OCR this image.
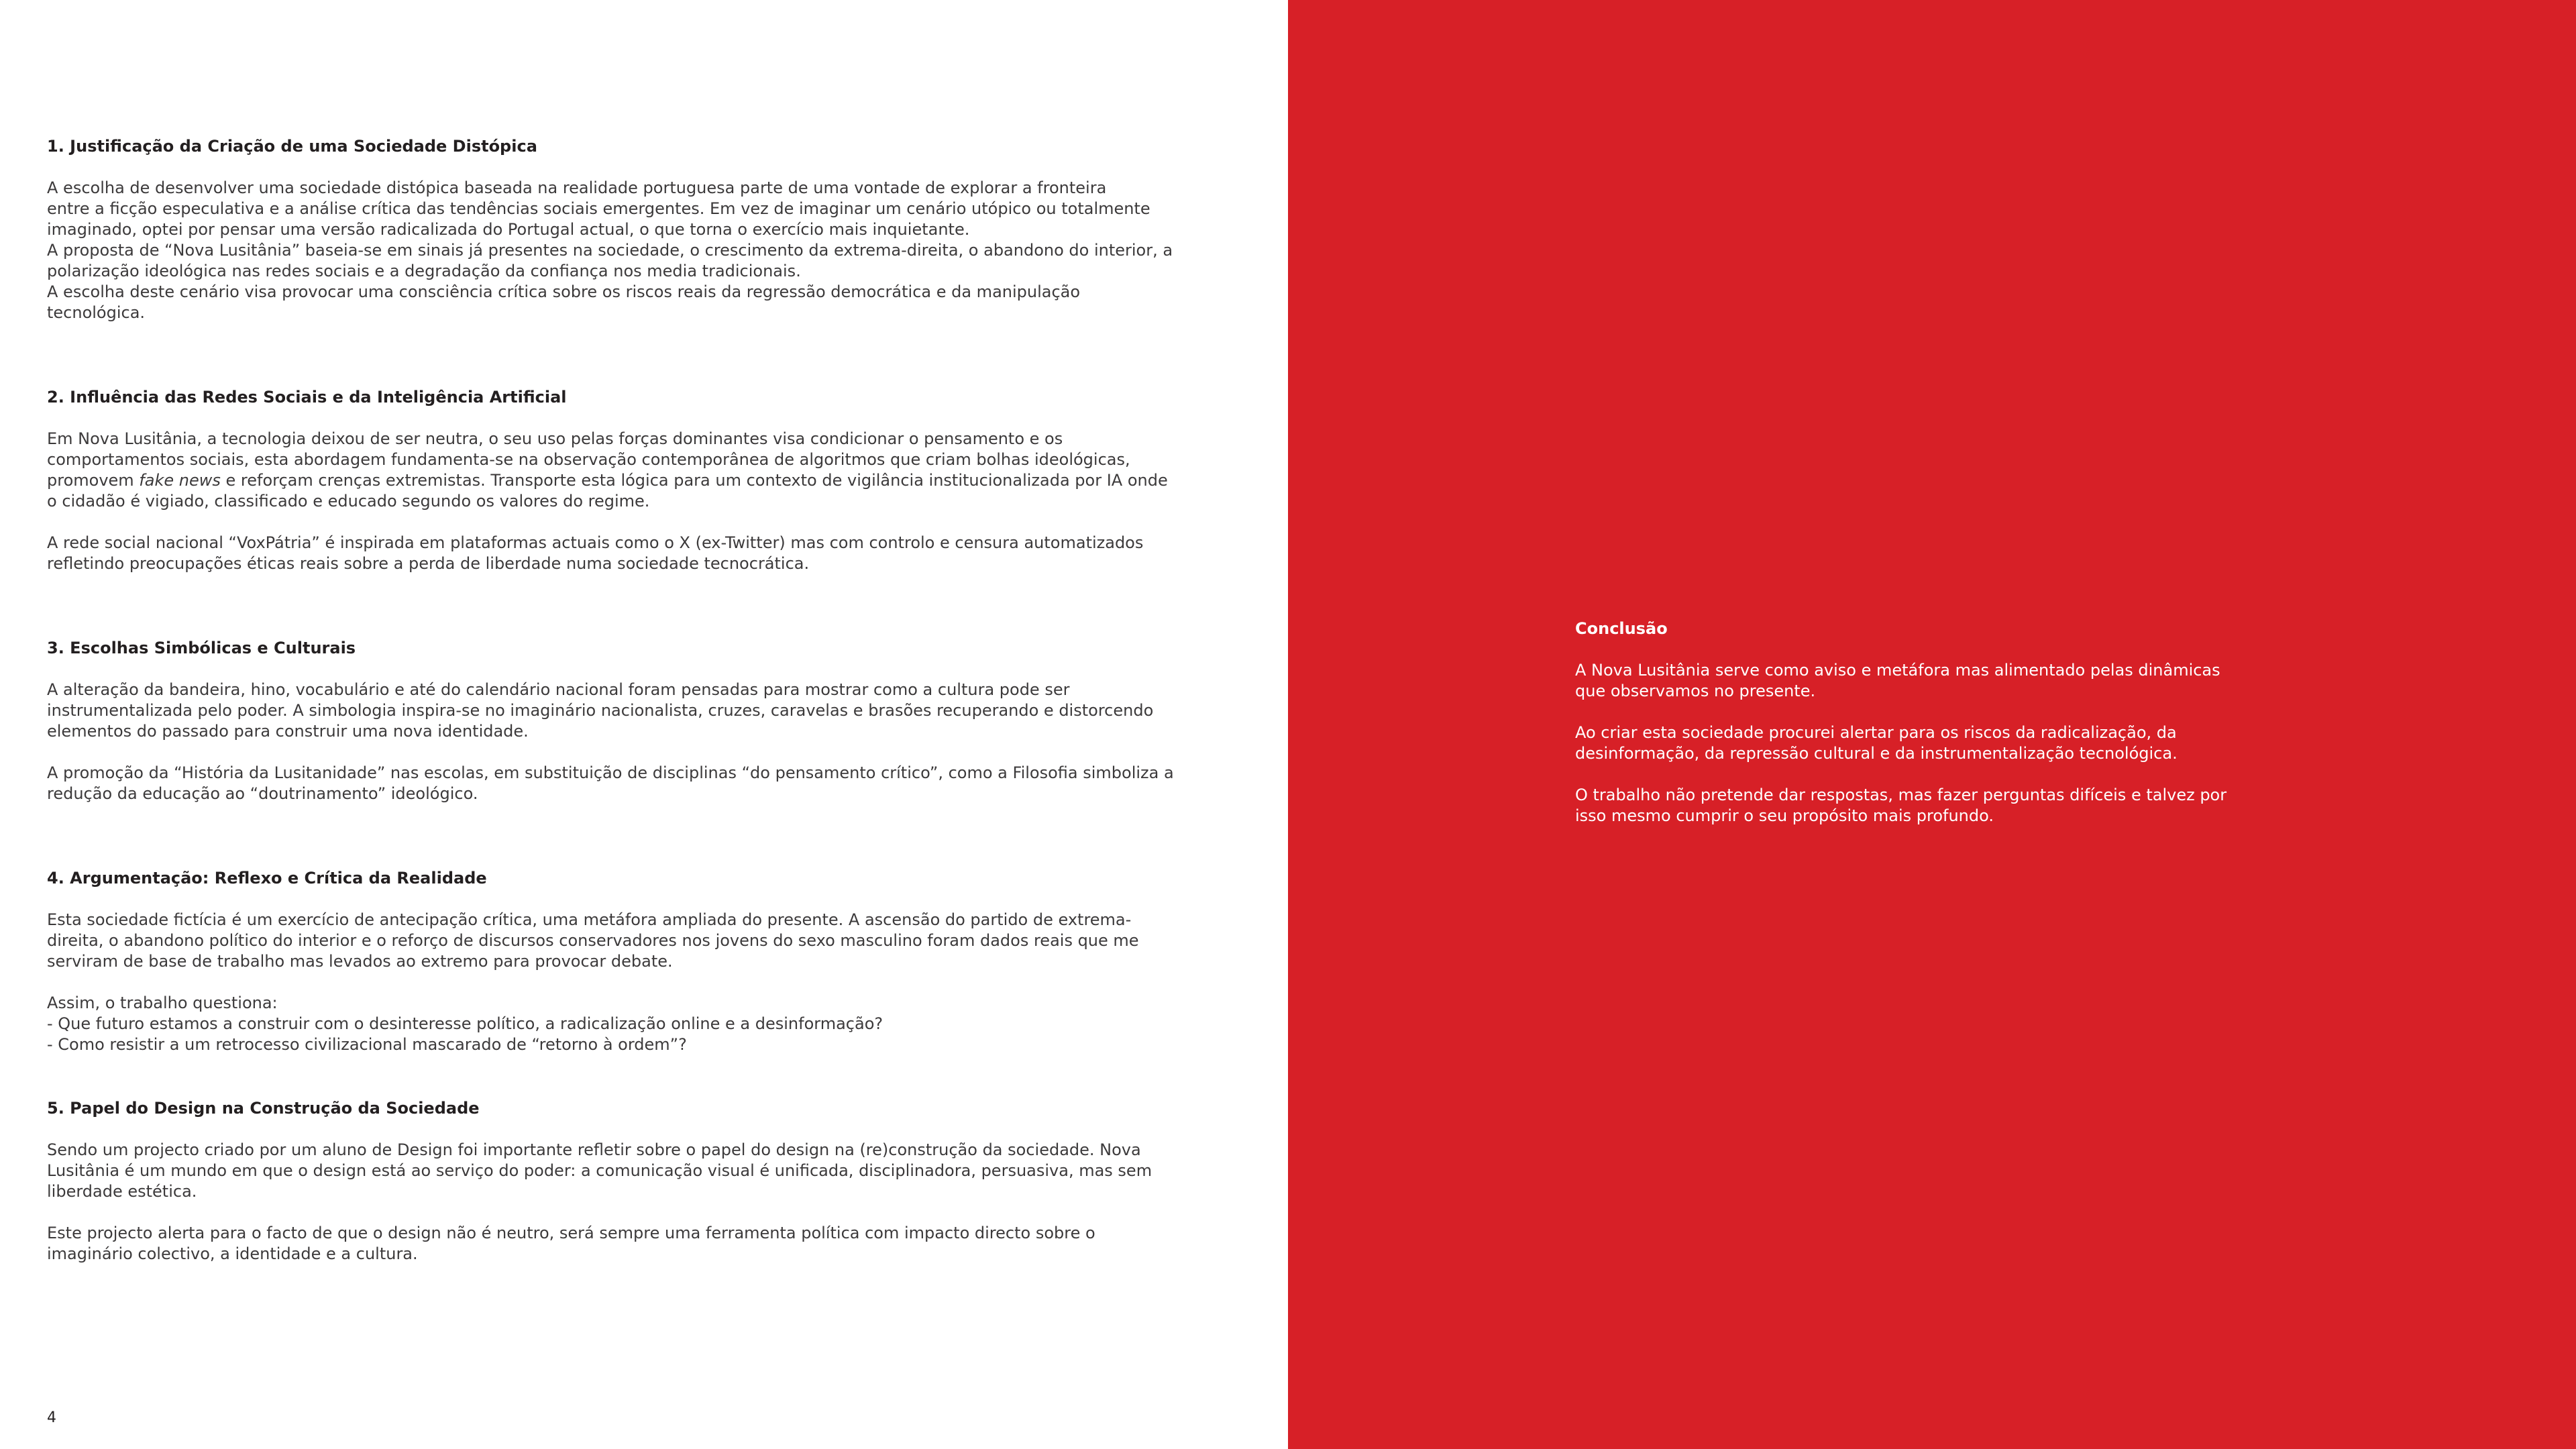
1. Justificação da Criação de uma Sociedade Distópica

A escolha de desenvolver uma sociedade distópica baseada na realidade portuguesa parte de uma vontade de explorar a fronteira

entre a ficção especulativa e a análise crítica das tendências sociais emergentes. Em vez de imaginar um cenário utópico ou totalmente

imaginado, optei por pensar uma versão radicalizada do Portugal actual, o que torna o exercício mais inquietante.

A proposta de “Nova Lusitânia” baseia-se em sinais já presentes na sociedade, o crescimento da extrema-direita, o abandono do interior, a

polarização ideológica nas redes sociais e a degradação da confiança nos media tradicionais.

A escolha deste cenário visa provocar uma consciência crítica sobre os riscos reais da regressão democrática e da manipulação

tecnológica.

2. Influência das Redes Sociais e da Inteligência Artificial

Em Nova Lusitânia, a tecnologia deixou de ser neutra, o seu uso pelas forças dominantes visa condicionar o pensamento e os

comportamentos sociais, esta abordagem fundamenta-se na observação contemporânea de algoritmos que criam bolhas ideológicas,

promovem fake news e reforçam crenças extremistas. Transporte esta lógica para um contexto de vigilância institucionalizada por IA onde

o cidadão é vigiado, classificado e educado segundo os valores do regime.

A rede social nacional “VoxPátria” é inspirada em plataformas actuais como o X (ex-Twitter) mas com controlo e censura automatizados

refletindo preocupações éticas reais sobre a perda de liberdade numa sociedade tecnocrática.

3. Escolhas Simbólicas e Culturais

A alteração da bandeira, hino, vocabulário e até do calendário nacional foram pensadas para mostrar como a cultura pode ser

instrumentalizada pelo poder. A simbologia inspira-se no imaginário nacionalista, cruzes, caravelas e brasões recuperando e distorcendo

elementos do passado para construir uma nova identidade.

A promoção da “História da Lusitanidade” nas escolas, em substituição de disciplinas “do pensamento crítico”, como a Filosofia simboliza a

redução da educação ao “doutrinamento” ideológico.

4. Argumentação: Reflexo e Crítica da Realidade

Esta sociedade fictícia é um exercício de antecipação crítica, uma metáfora ampliada do presente. A ascensão do partido de extrema-

direita, o abandono político do interior e o reforço de discursos conservadores nos jovens do sexo masculino foram dados reais que me

serviram de base de trabalho mas levados ao extremo para provocar debate.

Assim, o trabalho questiona:

- Que futuro estamos a construir com o desinteresse político, a radicalização online e a desinformação?

- Como resistir a um retrocesso civilizacional mascarado de “retorno à ordem”?

5. Papel do Design na Construção da Sociedade

Sendo um projecto criado por um aluno de Design foi importante refletir sobre o papel do design na (re)construção da sociedade. Nova

Lusitânia é um mundo em que o design está ao serviço do poder: a comunicação visual é unificada, disciplinadora, persuasiva, mas sem

liberdade estética.

Este projecto alerta para o facto de que o design não é neutro, será sempre uma ferramenta política com impacto directo sobre o

imaginário colectivo, a identidade e a cultura.

4

Conclusão

A Nova Lusitânia serve como aviso e metáfora mas alimentado pelas dinâmicas

que observamos no presente.

Ao criar esta sociedade procurei alertar para os riscos da radicalização, da

desinformação, da repressão cultural e da instrumentalização tecnológica.

O trabalho não pretende dar respostas, mas fazer perguntas difíceis e talvez por

isso mesmo cumprir o seu propósito mais profundo.
